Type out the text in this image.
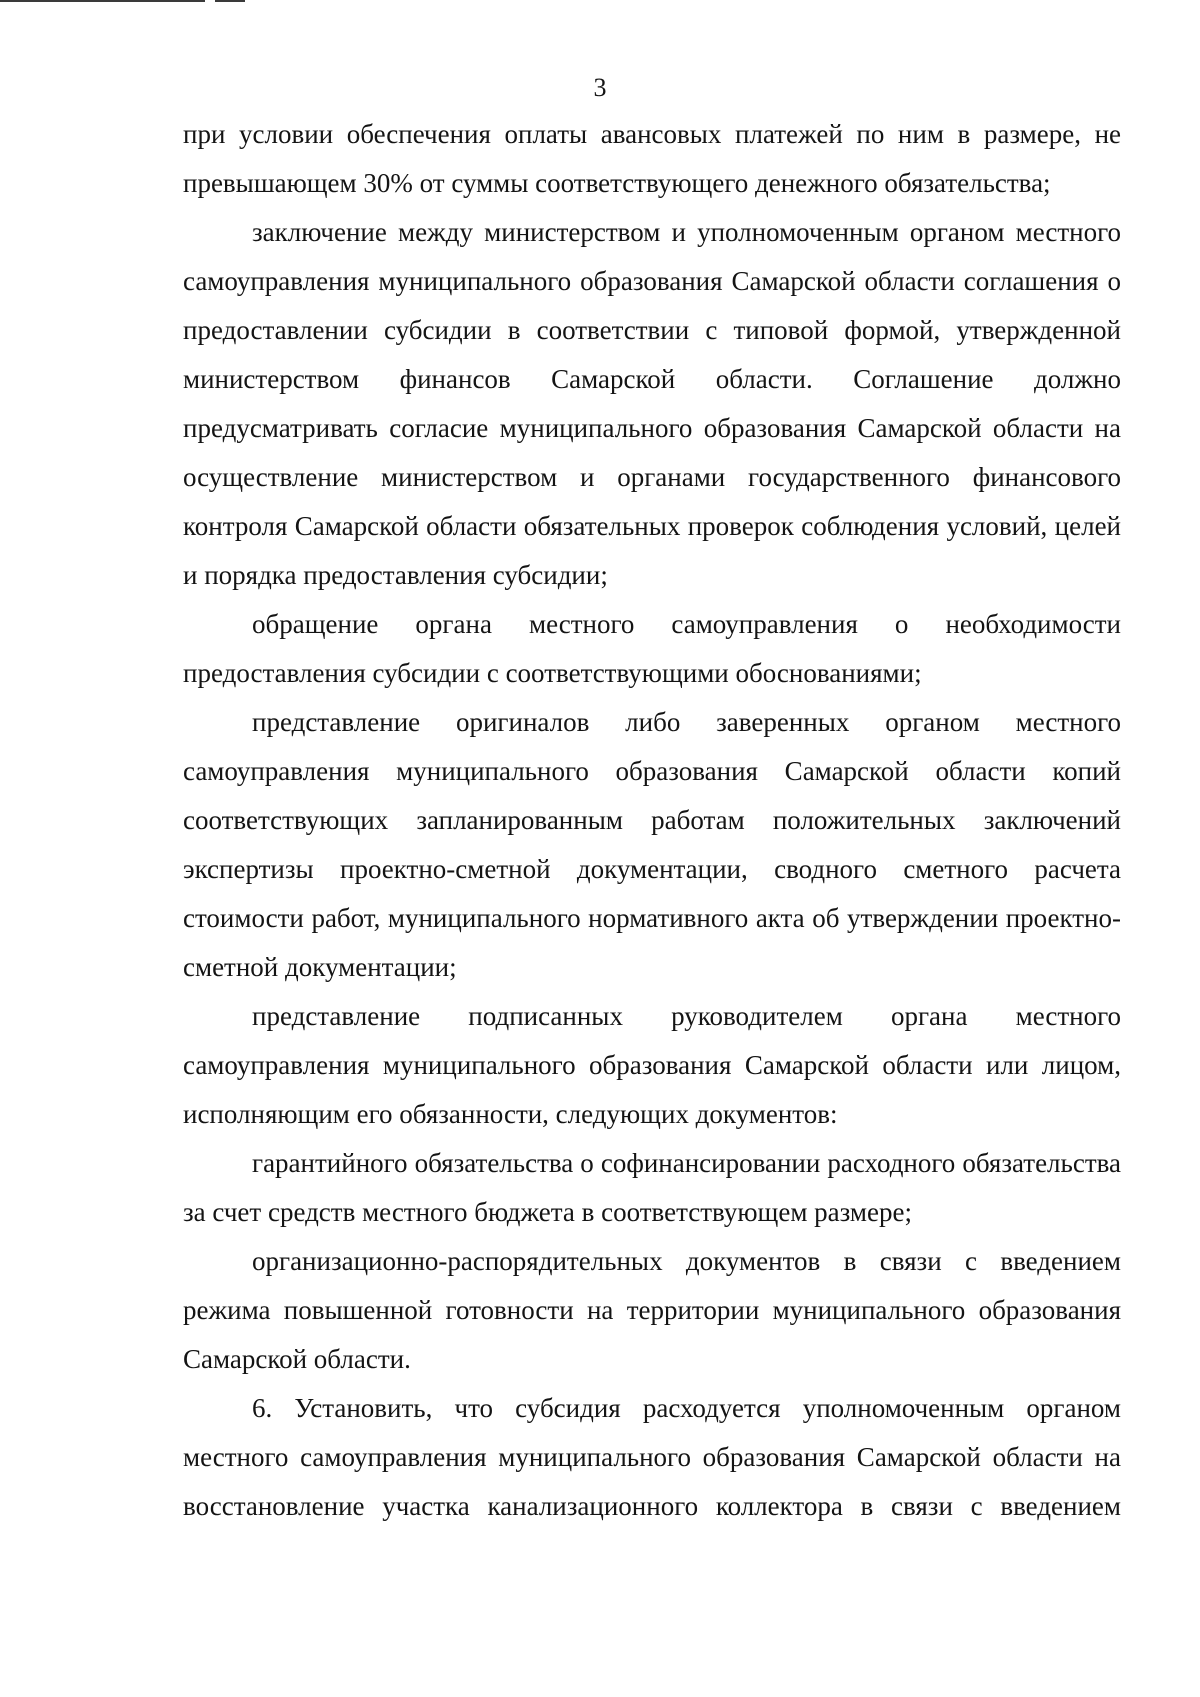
3

при условии обеспечения оплаты авансовых платежей по ним в размере, не превышающем 30% от суммы соответствующего денежного обязательства;

заключение между министерством и уполномоченным органом местного самоуправления муниципального образования Самарской области соглашения о предоставлении субсидии в соответствии с типовой формой, утвержденной министерством финансов Самарской области. Соглашение должно предусматривать согласие муниципального образования Самарской области на осуществление министерством и органами государственного финансового контроля Самарской области обязательных проверок соблюдения условий, целей и порядка предоставления субсидии;

обращение органа местного самоуправления о необходимости предоставления субсидии с соответствующими обоснованиями;

представление оригиналов либо заверенных органом местного самоуправления муниципального образования Самарской области копий соответствующих запланированным работам положительных заключений экспертизы проектно-сметной документации, сводного сметного расчета стоимости работ, муниципального нормативного акта об утверждении проектно-сметной документации;

представление подписанных руководителем органа местного самоуправления муниципального образования Самарской области или лицом, исполняющим его обязанности, следующих документов:

гарантийного обязательства о софинансировании расходного обязательства за счет средств местного бюджета в соответствующем размере;

организационно-распорядительных документов в связи с введением режима повышенной готовности на территории муниципального образования Самарской области.

6. Установить, что субсидия расходуется уполномоченным органом местного самоуправления муниципального образования Самарской области на восстановление участка канализационного коллектора в связи с введением
